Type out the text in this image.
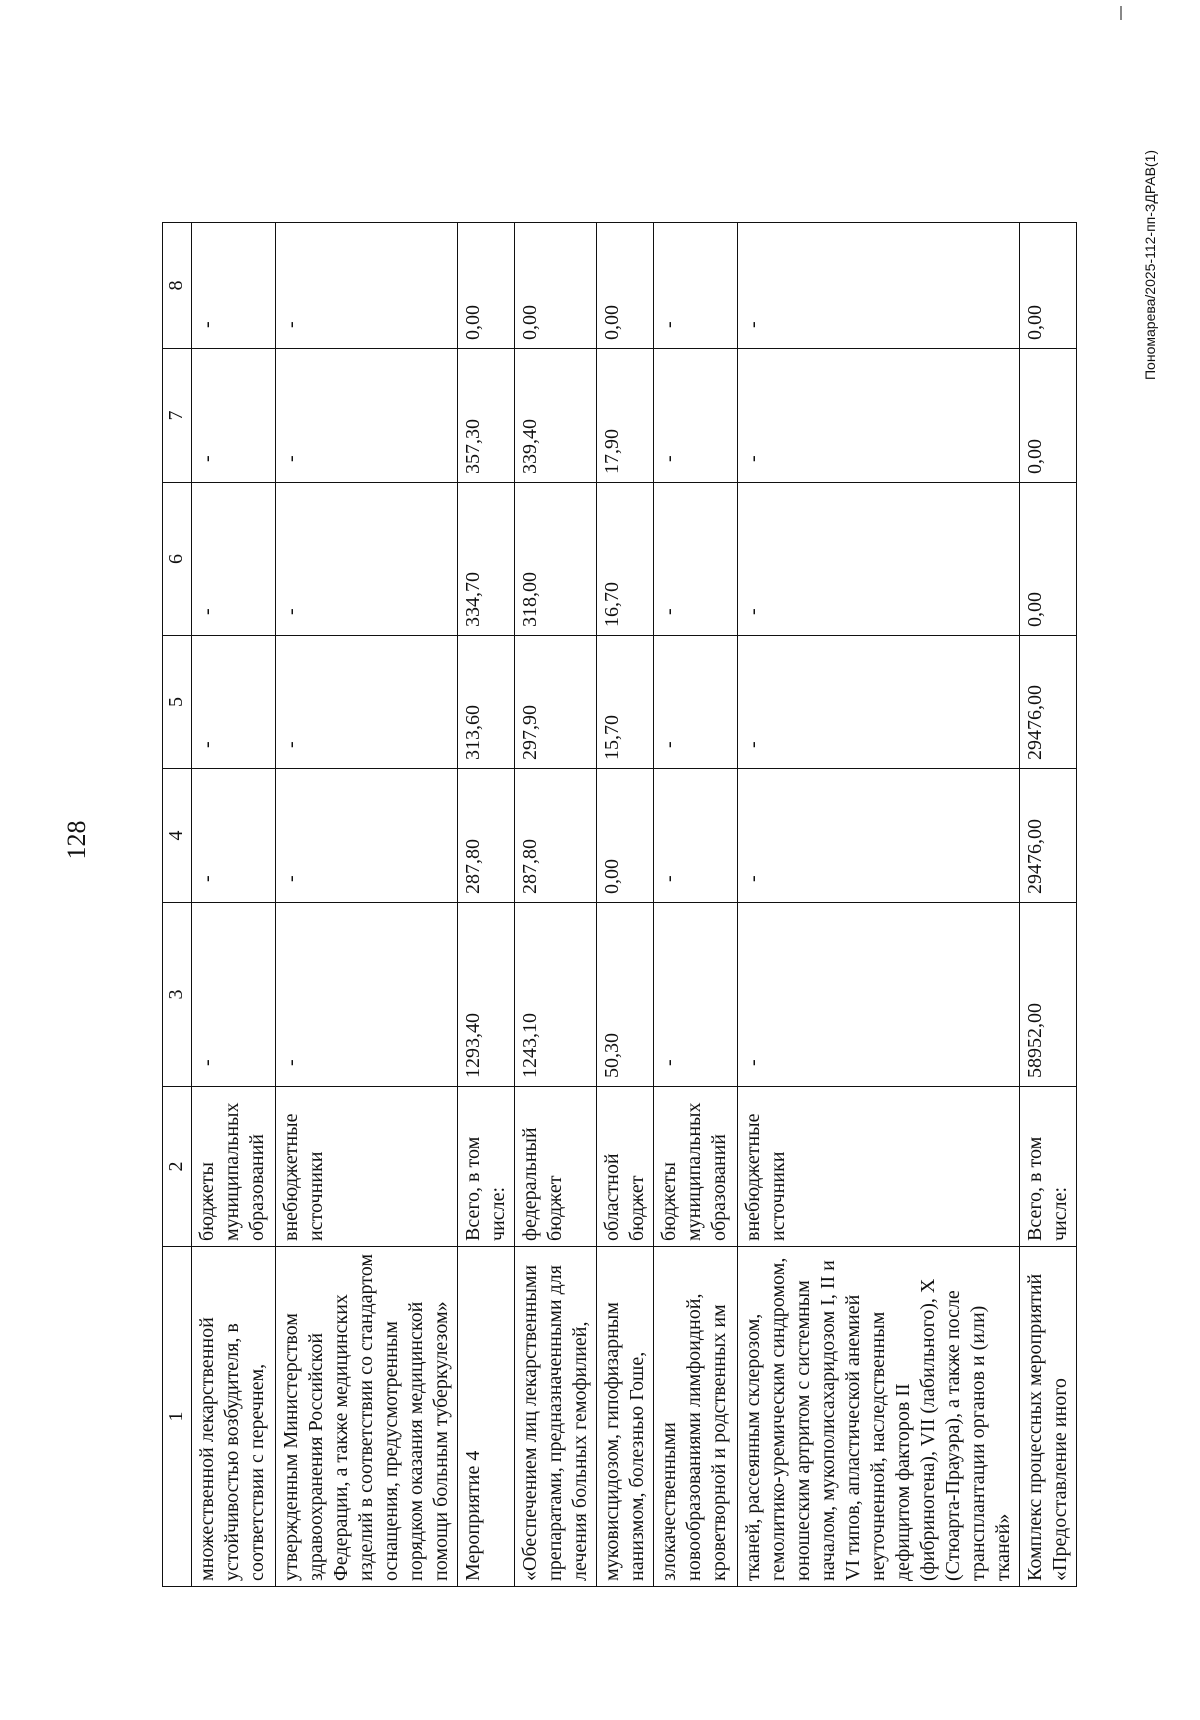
128
1	2	3	4	5	6	7	8
множественной лекарственной устойчивостью возбудителя, в соответствии с перечнем,	бюджеты муниципальных образований	-	-	-	-	-	-
утвержденным Министерством здравоохранения Российской Федерации, а также медицинских изделий в соответствии со стандартом оснащения, предусмотренным порядком оказания медицинской помощи больным туберкулезом»	внебюджетные источники	-	-	-	-	-	-
Мероприятие 4	Всего, в том числе:	1293,40	287,80	313,60	334,70	357,30	0,00
«Обеспечением лиц лекарственными препаратами, предназначенными для лечения больных гемофилией,	федеральный бюджет	1243,10	287,80	297,90	318,00	339,40	0,00
муковисцидозом, гипофизарным нанизмом, болезнью Гоше,	областной бюджет	50,30	0,00	15,70	16,70	17,90	0,00
злокачественными новообразованиями лимфоидной, кроветворной и родственных им	бюджеты муниципальных образований	-	-	-	-	-	-
тканей, рассеянным склерозом, гемолитико-уремическим синдромом, юношеским артритом с системным началом, мукополисахаридозом I, II и VI типов, апластической анемией неуточненной, наследственным дефицитом факторов II (фибриногена), VII (лабильного), X (Стюарта-Прауэра), а также после трансплантации органов и (или) тканей»	внебюджетные источники	-	-	-	-	-	-
Комплекс процессных мероприятий «Предоставление иного	Всего, в том числе:	58952,00	29476,00	29476,00	0,00	0,00	0,00	Пономарева/2025-112-пп-ЗДРАВ(1)
